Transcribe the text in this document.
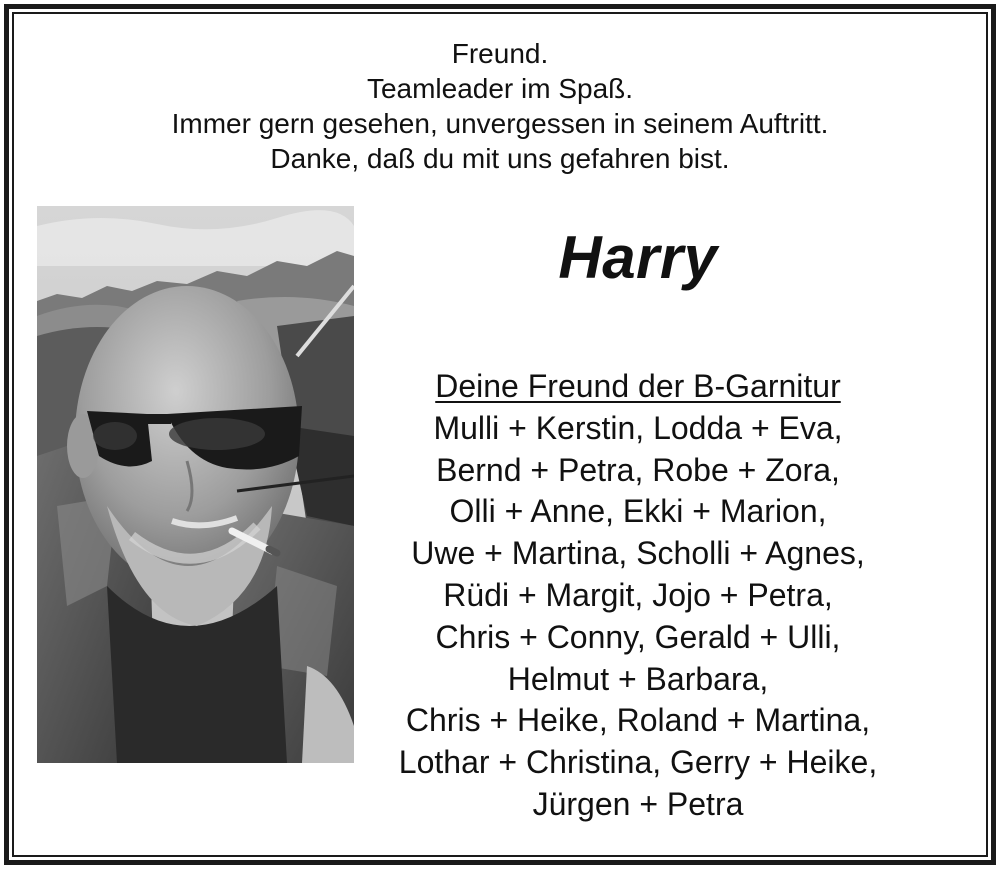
Freund.
Teamleader im Spaß.
Immer gern gesehen, unvergessen in seinem Auftritt.
Danke, daß du mit uns gefahren bist.
Harry
Deine Freund der B-Garnitur
Mulli + Kerstin, Lodda + Eva,
Bernd + Petra, Robe + Zora,
Olli + Anne, Ekki + Marion,
Uwe + Martina, Scholli + Agnes,
Rüdi + Margit, Jojo + Petra,
Chris + Conny, Gerald + Ulli,
Helmut + Barbara,
Chris + Heike, Roland + Martina,
Lothar + Christina, Gerry + Heike,
Jürgen + Petra
